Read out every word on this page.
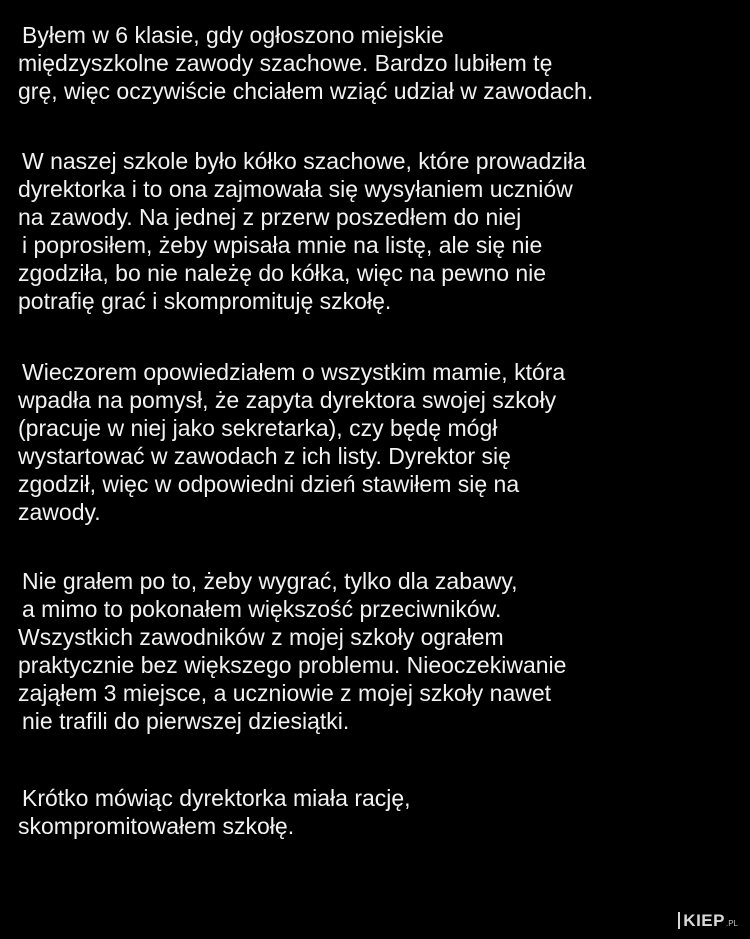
Byłem w 6 klasie, gdy ogłoszono miejskie
międzyszkolne zawody szachowe. Bardzo lubiłem tę
grę, więc oczywiście chciałem wziąć udział w zawodach.
W naszej szkole było kółko szachowe, które prowadziła
dyrektorka i to ona zajmowała się wysyłaniem uczniów
na zawody. Na jednej z przerw poszedłem do niej
i poprosiłem, żeby wpisała mnie na listę, ale się nie
zgodziła, bo nie należę do kółka, więc na pewno nie
potrafię grać i skompromituję szkołę.
Wieczorem opowiedziałem o wszystkim mamie, która
wpadła na pomysł, że zapyta dyrektora swojej szkoły
(pracuje w niej jako sekretarka), czy będę mógł
wystartować w zawodach z ich listy. Dyrektor się
zgodził, więc w odpowiedni dzień stawiłem się na
zawody.
Nie grałem po to, żeby wygrać, tylko dla zabawy,
a mimo to pokonałem większość przeciwników.
Wszystkich zawodników z mojej szkoły ograłem
praktycznie bez większego problemu. Nieoczekiwanie
zająłem 3 miejsce, a uczniowie z mojej szkoły nawet
nie trafili do pierwszej dziesiątki.
Krótko mówiąc dyrektorka miała rację,
skompromitowałem szkołę.
KIEP .PL
